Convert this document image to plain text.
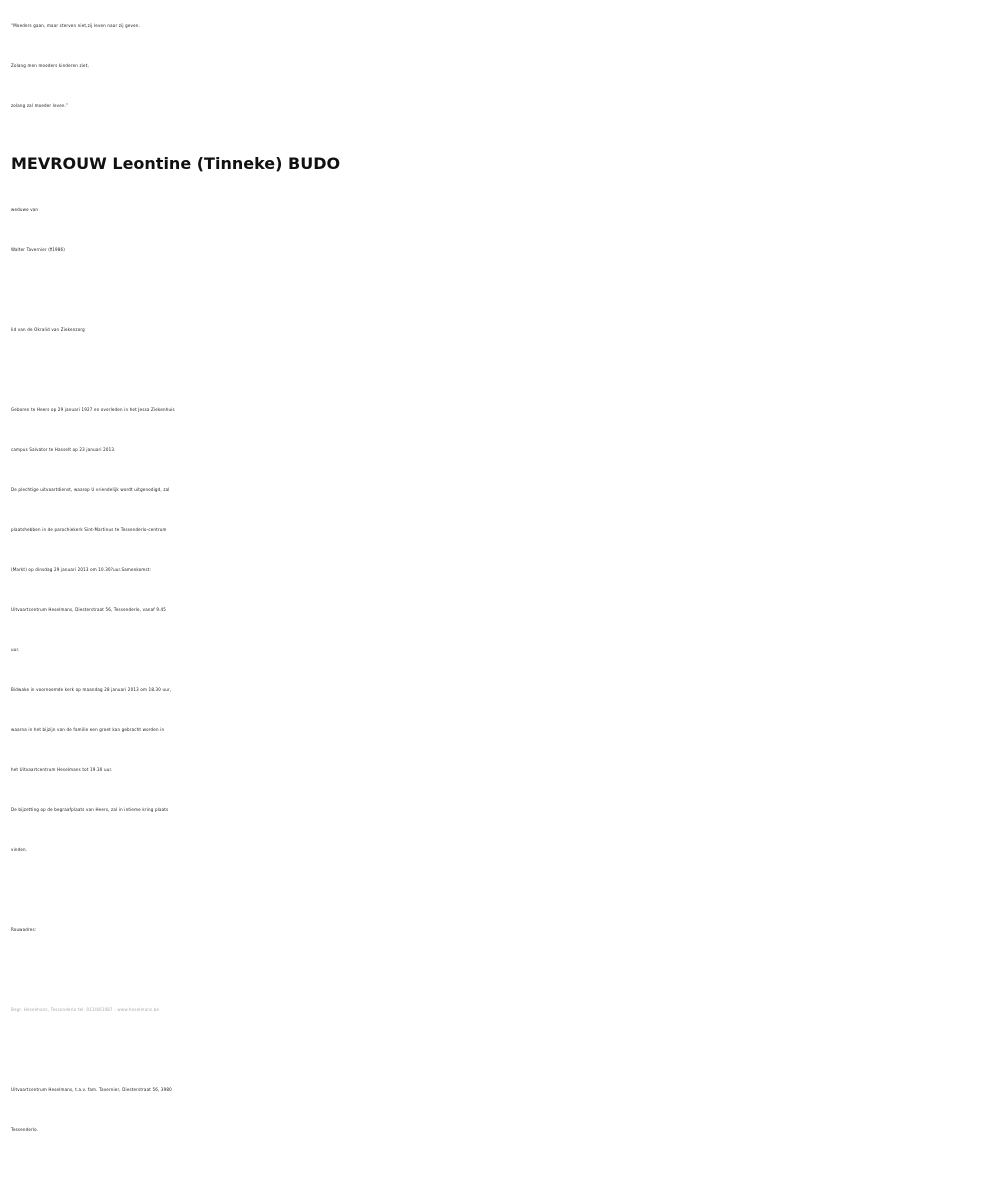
“Moeders gaan, maar sterven niet,zij leven naar zij geven.
Zolang men moeders kinderen ziet,
zolang zal moeder leven.”
MEVROUW Leontine (Tinneke) BUDO
weduwe van
Walter Tavernier (†1986)
lid van de Okralid van Ziekenzorg
Geboren te Heers op 29 januari 1927 en overleden in het Jessa Ziekenhuis
campus Salvator te Hasselt op 23 januari 2013.
De plechtige uitvaartdienst, waarop U vriendelijk wordt uitgenodigd, zal
plaatshebben in de parochiekerk Sint-Martinus te Tessenderlo-centrum
(Markt) op dinsdag 29 januari 2013 om 10.30?uur.Samenkomst:
Uitvaartcentrum Heselmans, Diesterstraat 56, Tessenderlo, vanaf 9.45
uur.
Bidwake in voornoemde kerk op maandag 28 januari 2013 om 18.30 uur,
waarna in het bijzijn van de familie een groet kan gebracht worden in
het Uitvaartcentrum Heselmans tot 19.30 uur.
De bijzetting op de begraafplaats van Heers, zal in intieme kring plaats
vinden.
Rouwadres:
Begr. Heselmans, Tessenderlo tel. 013/661087 - www.heselmans.be
Uitvaartcentrum Heselmans, t.a.v. fam. Tavernier, Diesterstraat 56, 3980
Tessenderlo.
